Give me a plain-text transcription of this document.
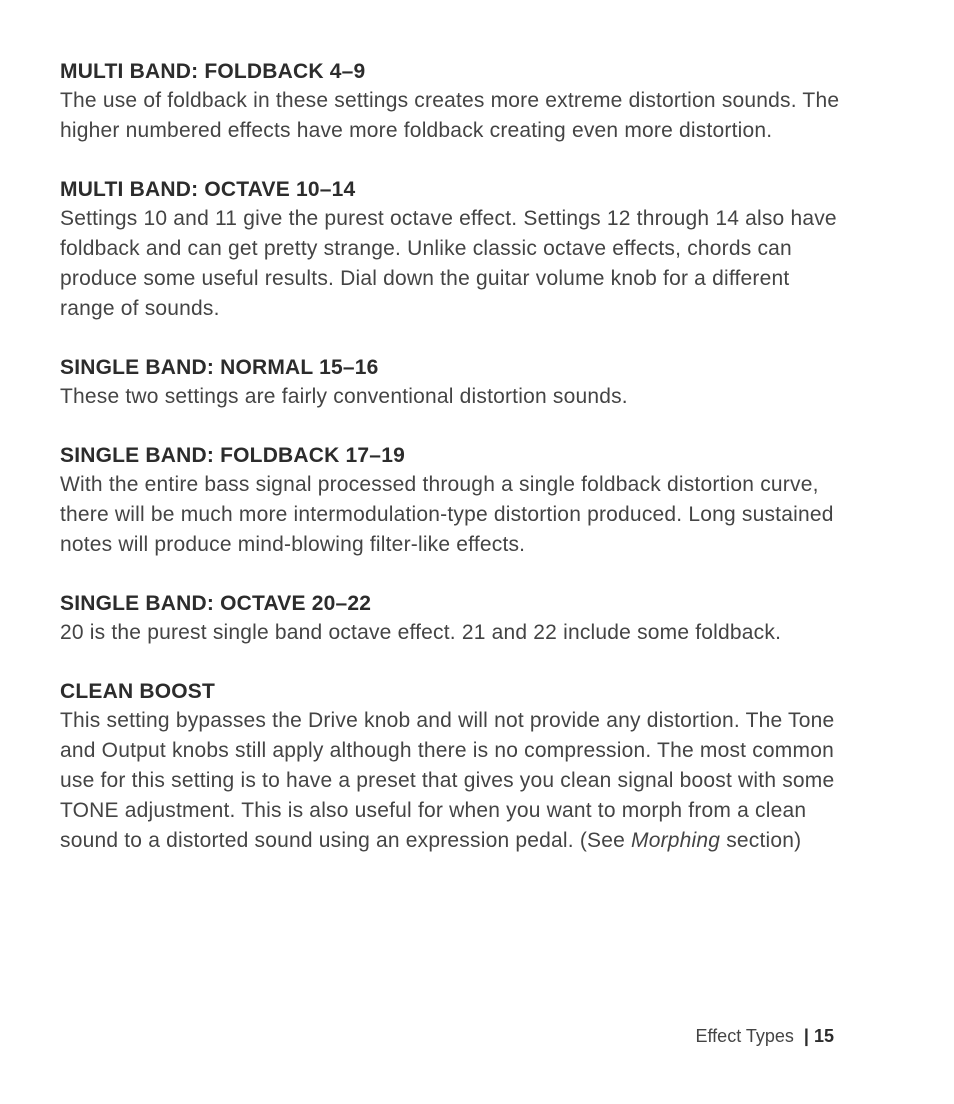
MULTI BAND: FOLDBACK 4–9

The use of foldback in these settings creates more extreme distortion sounds. The higher numbered effects have more foldback creating even more distortion.

MULTI BAND: OCTAVE 10–14

Settings 10 and 11 give the purest octave effect. Settings 12 through 14 also have foldback and can get pretty strange. Unlike classic octave effects, chords can produce some useful results. Dial down the guitar volume knob for a different range of sounds.

SINGLE BAND: NORMAL 15–16

These two settings are fairly conventional distortion sounds.

SINGLE BAND: FOLDBACK 17–19

With the entire bass signal processed through a single foldback distortion curve, there will be much more intermodulation-type distortion produced. Long sustained notes will produce mind-blowing filter-like effects.

SINGLE BAND: OCTAVE 20–22

20 is the purest single band octave effect. 21 and 22 include some foldback.

CLEAN BOOST

This setting bypasses the Drive knob and will not provide any distortion. The Tone and Output knobs still apply although there is no compression. The most common use for this setting is to have a preset that gives you clean signal boost with some TONE adjustment. This is also useful for when you want to morph from a clean sound to a distorted sound using an expression pedal. (See Morphing section)

Effect Types | 15
